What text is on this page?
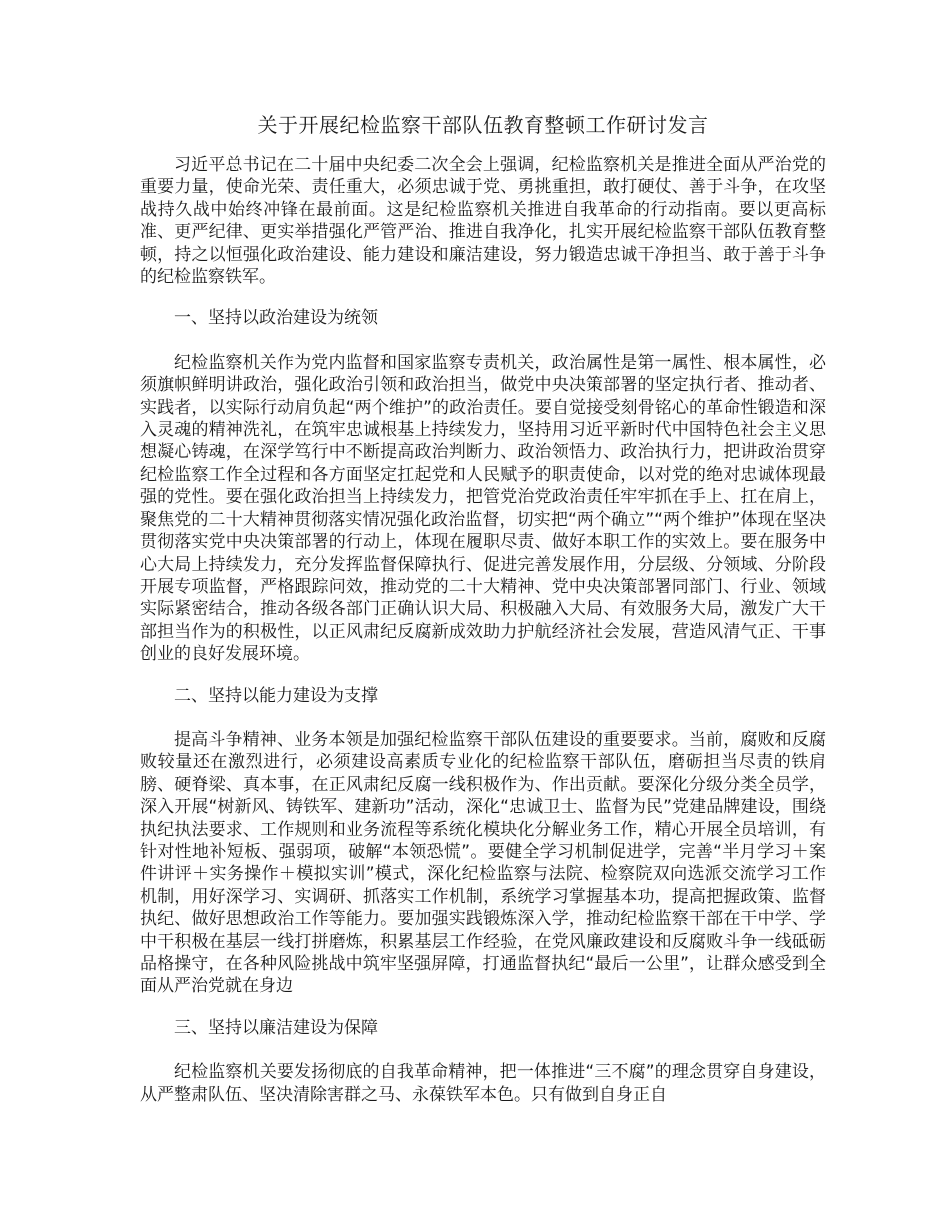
关于开展纪检监察干部队伍教育整顿工作研讨发言

习近平总书记在二十届中央纪委二次全会上强调，纪检监察机关是推进全面从严治党的重要力量，使命光荣、责任重大，必须忠诚于党、勇挑重担，敢打硬仗、善于斗争，在攻坚战持久战中始终冲锋在最前面。这是纪检监察机关推进自我革命的行动指南。要以更高标准、更严纪律、更实举措强化严管严治、推进自我净化，扎实开展纪检监察干部队伍教育整顿，持之以恒强化政治建设、能力建设和廉洁建设，努力锻造忠诚干净担当、敢于善于斗争的纪检监察铁军。

一、坚持以政治建设为统领

纪检监察机关作为党内监督和国家监察专责机关，政治属性是第一属性、根本属性，必须旗帜鲜明讲政治，强化政治引领和政治担当，做党中央决策部署的坚定执行者、推动者、实践者，以实际行动肩负起“两个维护”的政治责任。要自觉接受刻骨铭心的革命性锻造和深入灵魂的精神洗礼，在筑牢忠诚根基上持续发力，坚持用习近平新时代中国特色社会主义思想凝心铸魂，在深学笃行中不断提高政治判断力、政治领悟力、政治执行力，把讲政治贯穿纪检监察工作全过程和各方面坚定扛起党和人民赋予的职责使命，以对党的绝对忠诚体现最强的党性。要在强化政治担当上持续发力，把管党治党政治责任牢牢抓在手上、扛在肩上，聚焦党的二十大精神贯彻落实情况强化政治监督，切实把“两个确立”“两个维护”体现在坚决贯彻落实党中央决策部署的行动上，体现在履职尽责、做好本职工作的实效上。要在服务中心大局上持续发力，充分发挥监督保障执行、促进完善发展作用，分层级、分领域、分阶段开展专项监督，严格跟踪问效，推动党的二十大精神、党中央决策部署同部门、行业、领域实际紧密结合，推动各级各部门正确认识大局、积极融入大局、有效服务大局，激发广大干部担当作为的积极性，以正风肃纪反腐新成效助力护航经济社会发展，营造风清气正、干事创业的良好发展环境。

二、坚持以能力建设为支撑

提高斗争精神、业务本领是加强纪检监察干部队伍建设的重要要求。当前，腐败和反腐败较量还在激烈进行，必须建设高素质专业化的纪检监察干部队伍，磨砺担当尽责的铁肩膀、硬脊梁、真本事，在正风肃纪反腐一线积极作为、作出贡献。要深化分级分类全员学，深入开展“树新风、铸铁军、建新功”活动，深化“忠诚卫士、监督为民”党建品牌建设，围绕执纪执法要求、工作规则和业务流程等系统化模块化分解业务工作，精心开展全员培训，有针对性地补短板、强弱项，破解“本领恐慌”。要健全学习机制促进学，完善“半月学习＋案件讲评＋实务操作＋模拟实训”模式，深化纪检监察与法院、检察院双向选派交流学习工作机制，用好深学习、实调研、抓落实工作机制，系统学习掌握基本功，提高把握政策、监督执纪、做好思想政治工作等能力。要加强实践锻炼深入学，推动纪检监察干部在干中学、学中干积极在基层一线打拼磨炼，积累基层工作经验，在党风廉政建设和反腐败斗争一线砥砺品格操守，在各种风险挑战中筑牢坚强屏障，打通监督执纪“最后一公里”，让群众感受到全面从严治党就在身边

三、坚持以廉洁建设为保障

纪检监察机关要发扬彻底的自我革命精神，把一体推进“三不腐”的理念贯穿自身建设，从严整肃队伍、坚决清除害群之马、永葆铁军本色。只有做到自身正自
